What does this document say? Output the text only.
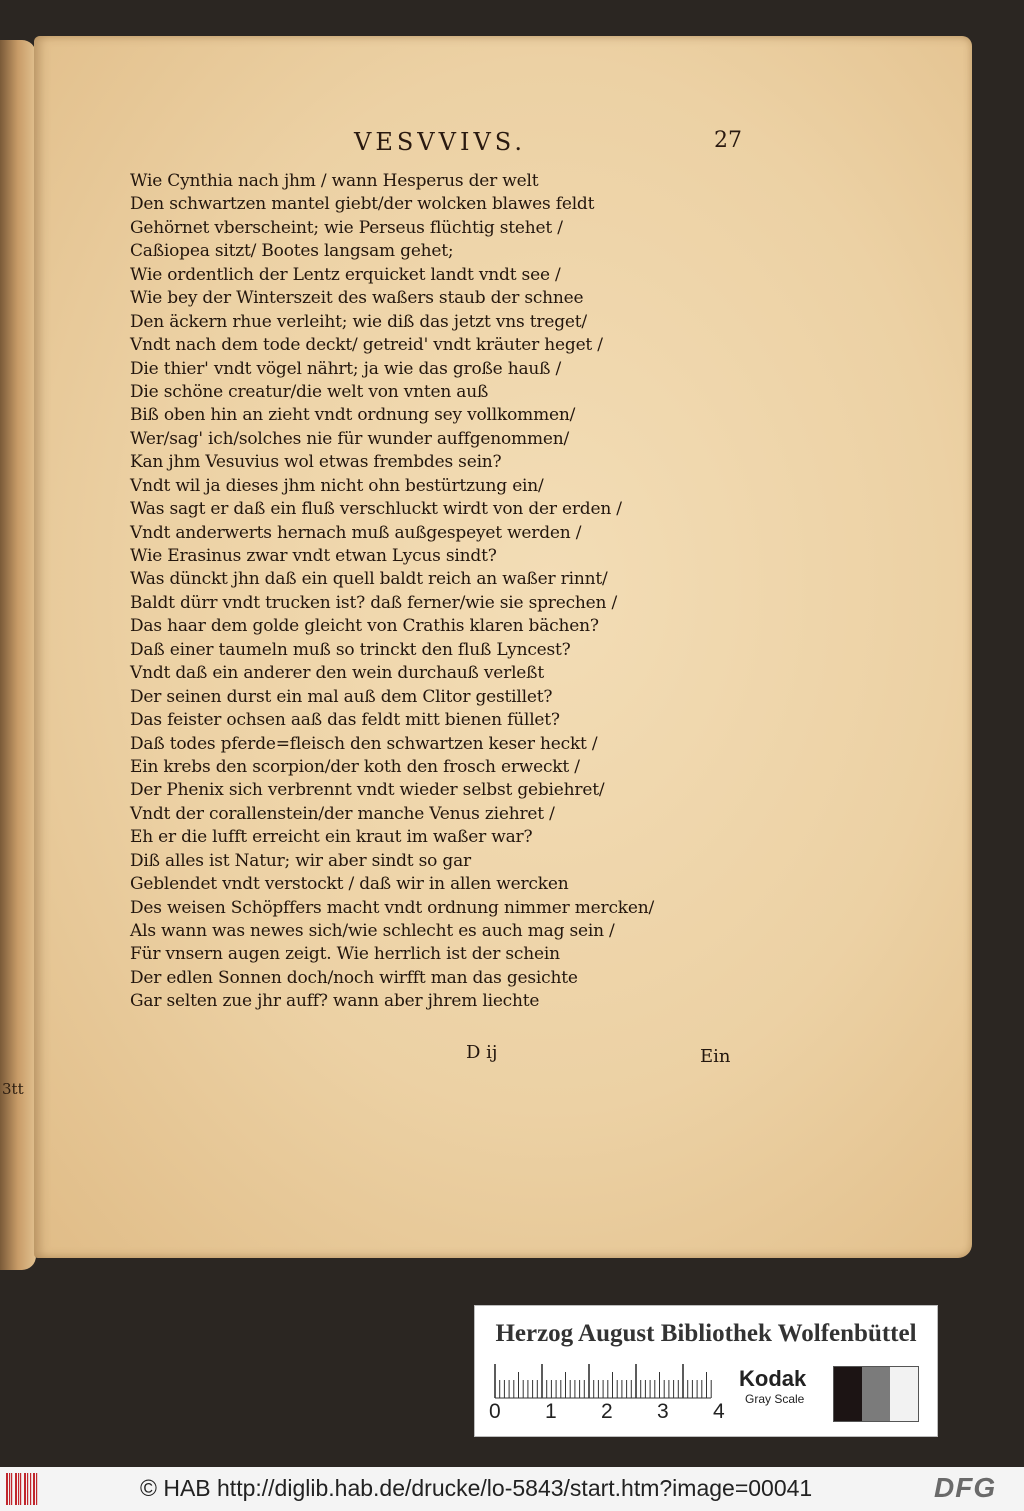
3tt
VESVVIVS.	27
Wie Cynthia nach jhm / wann Hesperus der welt
Den schwartzen mantel giebt/der wolcken blawes feldt
Gehörnet vberscheint; wie Perseus flüchtig stehet /
Caßiopea sitzt/ Bootes langsam gehet;
Wie ordentlich der Lentz erquicket landt vndt see /
Wie bey der Winterszeit des waßers staub der schnee
Den äckern rhue verleiht; wie diß das jetzt vns treget/
Vndt nach dem tode deckt/ getreid' vndt kräuter heget /
Die thier' vndt vögel nährt; ja wie das große hauß /
Die schöne creatur/die welt von vnten auß
Biß oben hin an zieht vndt ordnung sey vollkommen/
Wer/sag' ich/solches nie für wunder auffgenommen/
Kan jhm Vesuvius wol etwas frembdes sein?
Vndt wil ja dieses jhm nicht ohn bestürtzung ein/
Was sagt er daß ein fluß verschluckt wirdt von der erden /
Vndt anderwerts hernach muß außgespeyet werden /
Wie Erasinus zwar vndt etwan Lycus sindt?
Was dünckt jhn daß ein quell baldt reich an waßer rinnt/
Baldt dürr vndt trucken ist? daß ferner/wie sie sprechen /
Das haar dem golde gleicht von Crathis klaren bächen?
Daß einer taumeln muß so trinckt den fluß Lyncest?
Vndt daß ein anderer den wein durchauß verleßt
Der seinen durst ein mal auß dem Clitor gestillet?
Das feister ochsen aaß das feldt mitt bienen füllet?
Daß todes pferde=fleisch den schwartzen keser heckt /
Ein krebs den scorpion/der koth den frosch erweckt /
Der Phenix sich verbrennt vndt wieder selbst gebiehret/
Vndt der corallenstein/der manche Venus ziehret /
Eh er die lufft erreicht ein kraut im waßer war?
Diß alles ist Natur; wir aber sindt so gar
Geblendet vndt verstockt / daß wir in allen wercken
Des weisen Schöpffers macht vndt ordnung nimmer mercken/
Als wann was newes sich/wie schlecht es auch mag sein /
Für vnsern augen zeigt. Wie herrlich ist der schein
Der edlen Sonnen doch/noch wirfft man das gesichte
Gar selten zue jhr auff? wann aber jhrem liechte
D ij	Ein
Herzog August Bibliothek Wolfenbüttel
0 1 2 3 4
Kodak
Gray Scale
© HAB http://diglib.hab.de/drucke/lo-5843/start.htm?image=00041	DFG
